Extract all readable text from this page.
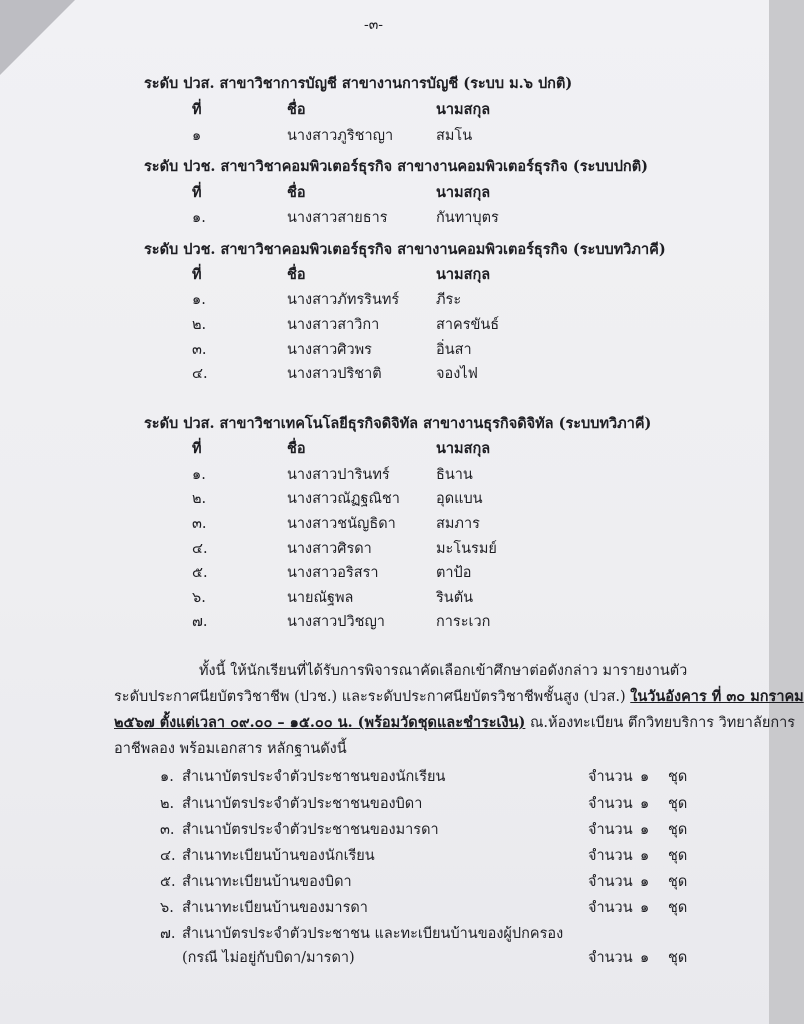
-๓-
ระดับ ปวส. สาขาวิชาการบัญชี สาขางานการบัญชี (ระบบ ม.๖ ปกติ)
ที่	ชื่อ	นามสกุล
๑	นางสาวภูริชาญา	สมโน
ระดับ ปวช. สาขาวิชาคอมพิวเตอร์ธุรกิจ สาขางานคอมพิวเตอร์ธุรกิจ (ระบบปกติ)
ที่	ชื่อ	นามสกุล
๑.	นางสาวสายธาร	กันทาบุตร
ระดับ ปวช. สาขาวิชาคอมพิวเตอร์ธุรกิจ สาขางานคอมพิวเตอร์ธุรกิจ (ระบบทวิภาคี)
ที่	ชื่อ	นามสกุล
๑.	นางสาวภัทรรินทร์	ภีระ
๒.	นางสาวสาวิกา	สาครขันธ์
๓.	นางสาวศิวพร	อิ่นสา
๔.	นางสาวปริชาติ	จองไฟ
ระดับ ปวส. สาขาวิชาเทคโนโลยีธุรกิจดิจิทัล สาขางานธุรกิจดิจิทัล (ระบบทวิภาคี)
ที่	ชื่อ	นามสกุล
๑.	นางสาวปารินทร์	ธินาน
๒.	นางสาวณัฏฐณิชา อุดแบน
๓.	นางสาวชนัญธิดา	สมภาร
๔.	นางสาวศิรดา	มะโนรมย์
๕.	นางสาวอริสรา	ตาป้อ
๖.	นายณัฐพล	รินตัน
๗.	นางสาวปวิชญา	การะเวก
ทั้งนี้ ให้นักเรียนที่ได้รับการพิจารณาคัดเลือกเข้าศึกษาต่อดังกล่าว มารายงานตัว
ระดับประกาศนียบัตรวิชาชีพ (ปวช.) และระดับประกาศนียบัตรวิชาชีพชั้นสูง (ปวส.) ในวันอังคาร ที่ ๓๐ มกราคม
๒๕๖๗ ตั้งแต่เวลา ๐๙.๐๐ – ๑๕.๐๐ น. (พร้อมวัดชุดและชำระเงิน) ณ.ห้องทะเบียน ตึกวิทยบริการ วิทยาลัยการ
อาชีพลอง พร้อมเอกสาร หลักฐานดังนี้
๑. สำเนาบัตรประจำตัวประชาชนของนักเรียน	จำนวน ๑ ชุด
๒. สำเนาบัตรประจำตัวประชาชนของบิดา	จำนวน ๑ ชุด
๓. สำเนาบัตรประจำตัวประชาชนของมารดา	จำนวน ๑ ชุด
๔. สำเนาทะเบียนบ้านของนักเรียน	จำนวน ๑ ชุด
๕. สำเนาทะเบียนบ้านของบิดา	จำนวน ๑ ชุด
๖. สำเนาทะเบียนบ้านของมารดา	จำนวน ๑ ชุด
๗. สำเนาบัตรประจำตัวประชาชน และทะเบียนบ้านของผู้ปกครอง
(กรณี ไม่อยู่กับบิดา/มารดา)	จำนวน ๑ ชุด
